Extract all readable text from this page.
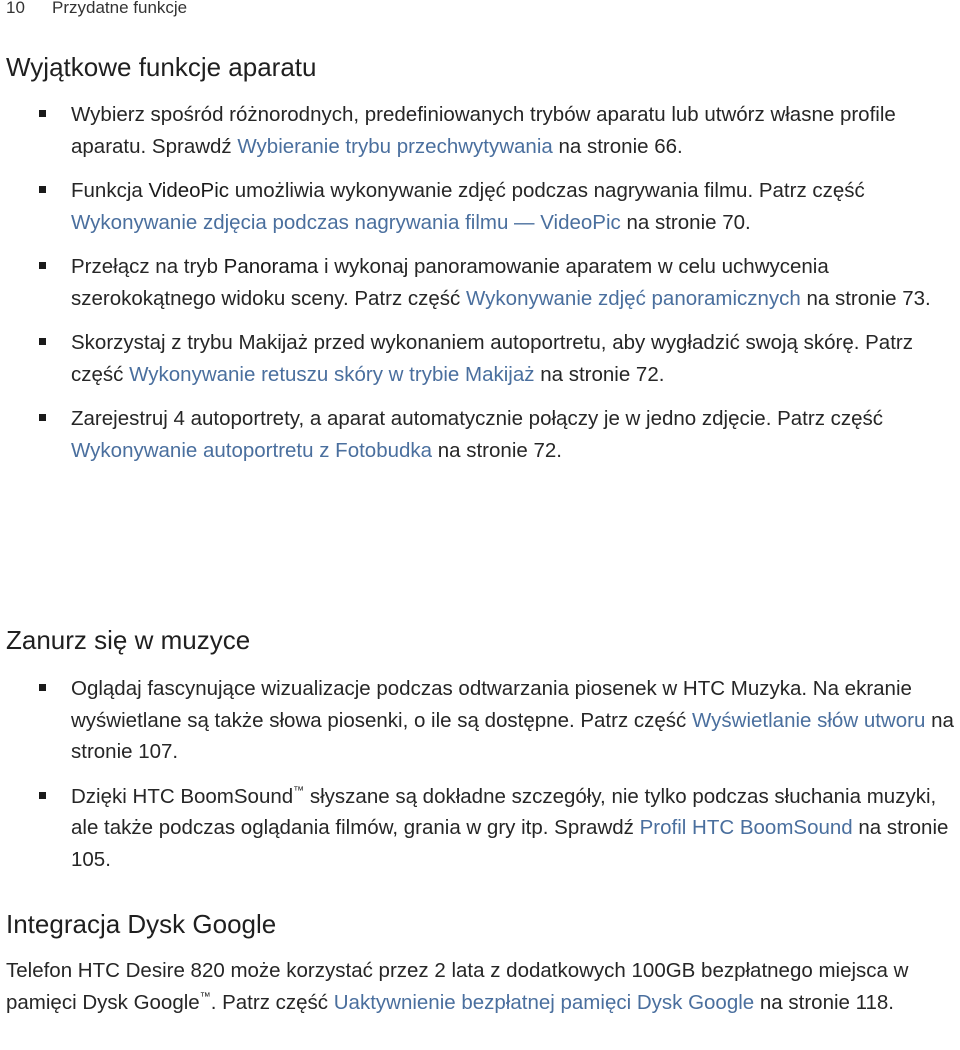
10 Przydatne funkcje
Wyjątkowe funkcje aparatu
Wybierz spośród różnorodnych, predefiniowanych trybów aparatu lub utwórz własne profile aparatu. Sprawdź Wybieranie trybu przechwytywania na stronie 66.
Funkcja VideoPic umożliwia wykonywanie zdjęć podczas nagrywania filmu. Patrz część Wykonywanie zdjęcia podczas nagrywania filmu — VideoPic na stronie 70.
Przełącz na tryb Panorama i wykonaj panoramowanie aparatem w celu uchwycenia szerokokątnego widoku sceny. Patrz część Wykonywanie zdjęć panoramicznych na stronie 73.
Skorzystaj z trybu Makijaż przed wykonaniem autoportretu, aby wygładzić swoją skórę. Patrz część Wykonywanie retuszu skóry w trybie Makijaż na stronie 72.
Zarejestruj 4 autoportrety, a aparat automatycznie połączy je w jedno zdjęcie. Patrz część Wykonywanie autoportretu z Fotobudka na stronie 72.
Zanurz się w muzyce
Oglądaj fascynujące wizualizacje podczas odtwarzania piosenek w HTC Muzyka. Na ekranie wyświetlane są także słowa piosenki, o ile są dostępne. Patrz część Wyświetlanie słów utworu na stronie 107.
Dzięki HTC BoomSound™ słyszane są dokładne szczegóły, nie tylko podczas słuchania muzyki, ale także podczas oglądania filmów, grania w gry itp. Sprawdź Profil HTC BoomSound na stronie 105.
Integracja Dysk Google

Telefon HTC Desire 820 może korzystać przez 2 lata z dodatkowych 100GB bezpłatnego miejsca w pamięci Dysk Google™. Patrz część Uaktywnienie bezpłatnej pamięci Dysk Google na stronie 118.
